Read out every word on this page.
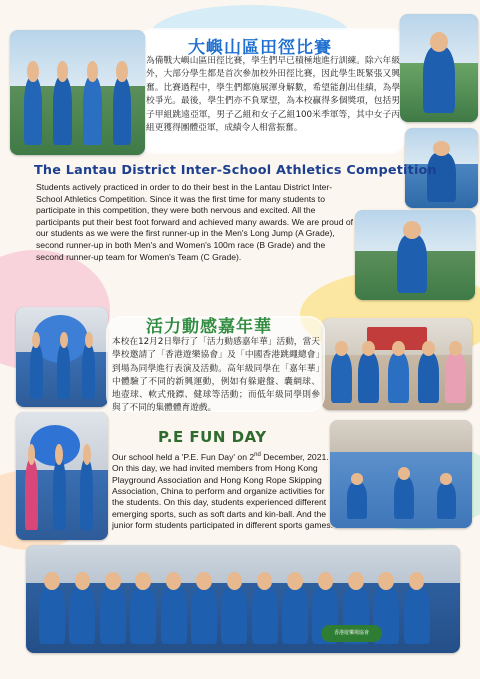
大嶼山區田徑比賽
為備戰大嶼山區田徑比賽，學生們早已積極地進行訓練。除六年級外，大部分學生都是首次參加校外田徑比賽，因此學生既緊張又興奮。比賽過程中，學生們都施展渾身解數，希望能創出佳績，為學校爭光。最後，學生們亦不負眾望，為本校贏得多個獎項，包括男子甲組跳遠亞軍，男子乙組和女子乙組100米季軍等，其中女子丙組更獲得團體亞軍，成績令人相當振奮。
The Lantau District Inter-School Athletics Competition
Students actively practiced in order to do their best in the Lantau District Inter-School Athletics Competition. Since it was the first time for many students to participate in this competition, they were both nervous and excited. All the participants put their best foot forward and achieved many awards. We are proud of our students as we were the first runner-up in the Men's Long Jump (A Grade), second runner-up in both Men's and Women's 100m race (B Grade) and the second runner-up team for Women's Team (C Grade).
活力動感嘉年華
本校在12月2日舉行了「活力動感嘉年華」活動，當天學校邀請了「香港遊樂協會」及「中國香港跳繩總會」到場為同學進行表演及活動。高年級同學在「嘉年華」中體驗了不同的新興運動，例如有躲避盤、囊網球、地壺球、軟式飛鏢、健球等活動；而低年級同學則參與了不同的集體體育遊戲。
P.E FUN DAY
Our school held a 'P.E. Fun Day' on 2nd December, 2021. On this day, we had invited members from Hong Kong Playground Association and Hong Kong Rope Skipping Association, China to perform and organize activities for the students. On this day, students experienced different emerging sports, such as soft darts and kin-ball. And the junior form students participated in different sports games.
香港遊樂場協會
